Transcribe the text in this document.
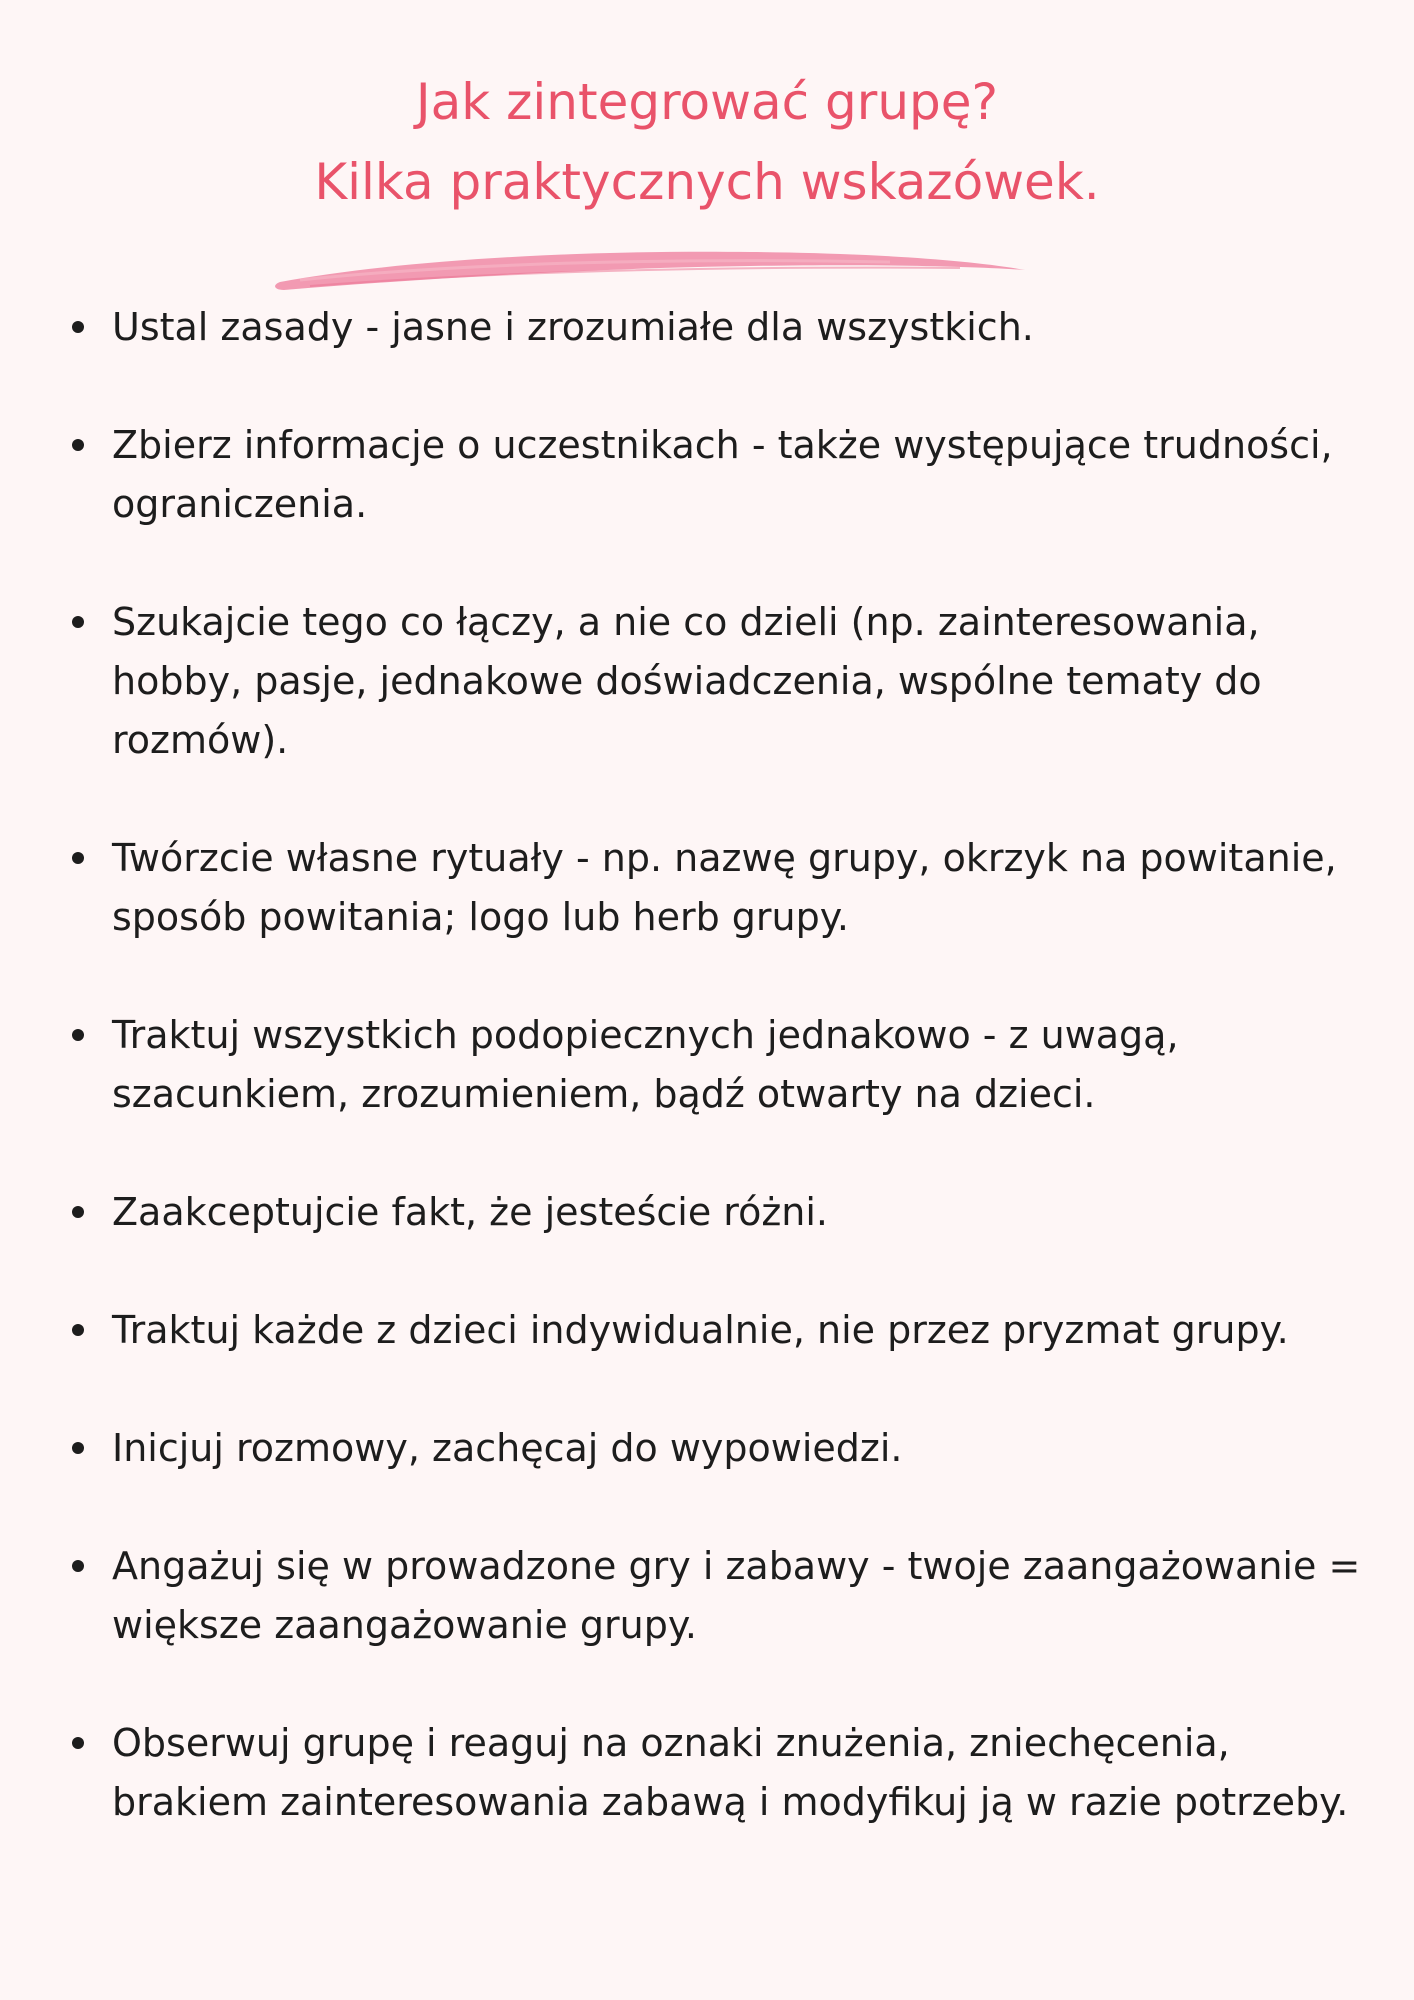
Jak zintegrować grupę?
Kilka praktycznych wskazówek.
Ustal zasady - jasne i zrozumiałe dla wszystkich.
Zbierz informacje o uczestnikach - także występujące trudności, ograniczenia.
Szukajcie tego co łączy, a nie co dzieli (np. zainteresowania, hobby, pasje, jednakowe doświadczenia, wspólne tematy do rozmów).
Twórzcie własne rytuały - np. nazwę grupy, okrzyk na powitanie, sposób powitania; logo lub herb grupy.
Traktuj wszystkich podopiecznych jednakowo - z uwagą, szacunkiem, zrozumieniem, bądź otwarty na dzieci.
Zaakceptujcie fakt, że jesteście różni.
Traktuj każde z dzieci indywidualnie, nie przez pryzmat grupy.
Inicjuj rozmowy, zachęcaj do wypowiedzi.
Angażuj się w prowadzone gry i zabawy - twoje zaangażowanie = większe zaangażowanie grupy.
Obserwuj grupę i reaguj na oznaki znużenia, zniechęcenia, brakiem zainteresowania zabawą i modyfikuj ją w razie potrzeby.
